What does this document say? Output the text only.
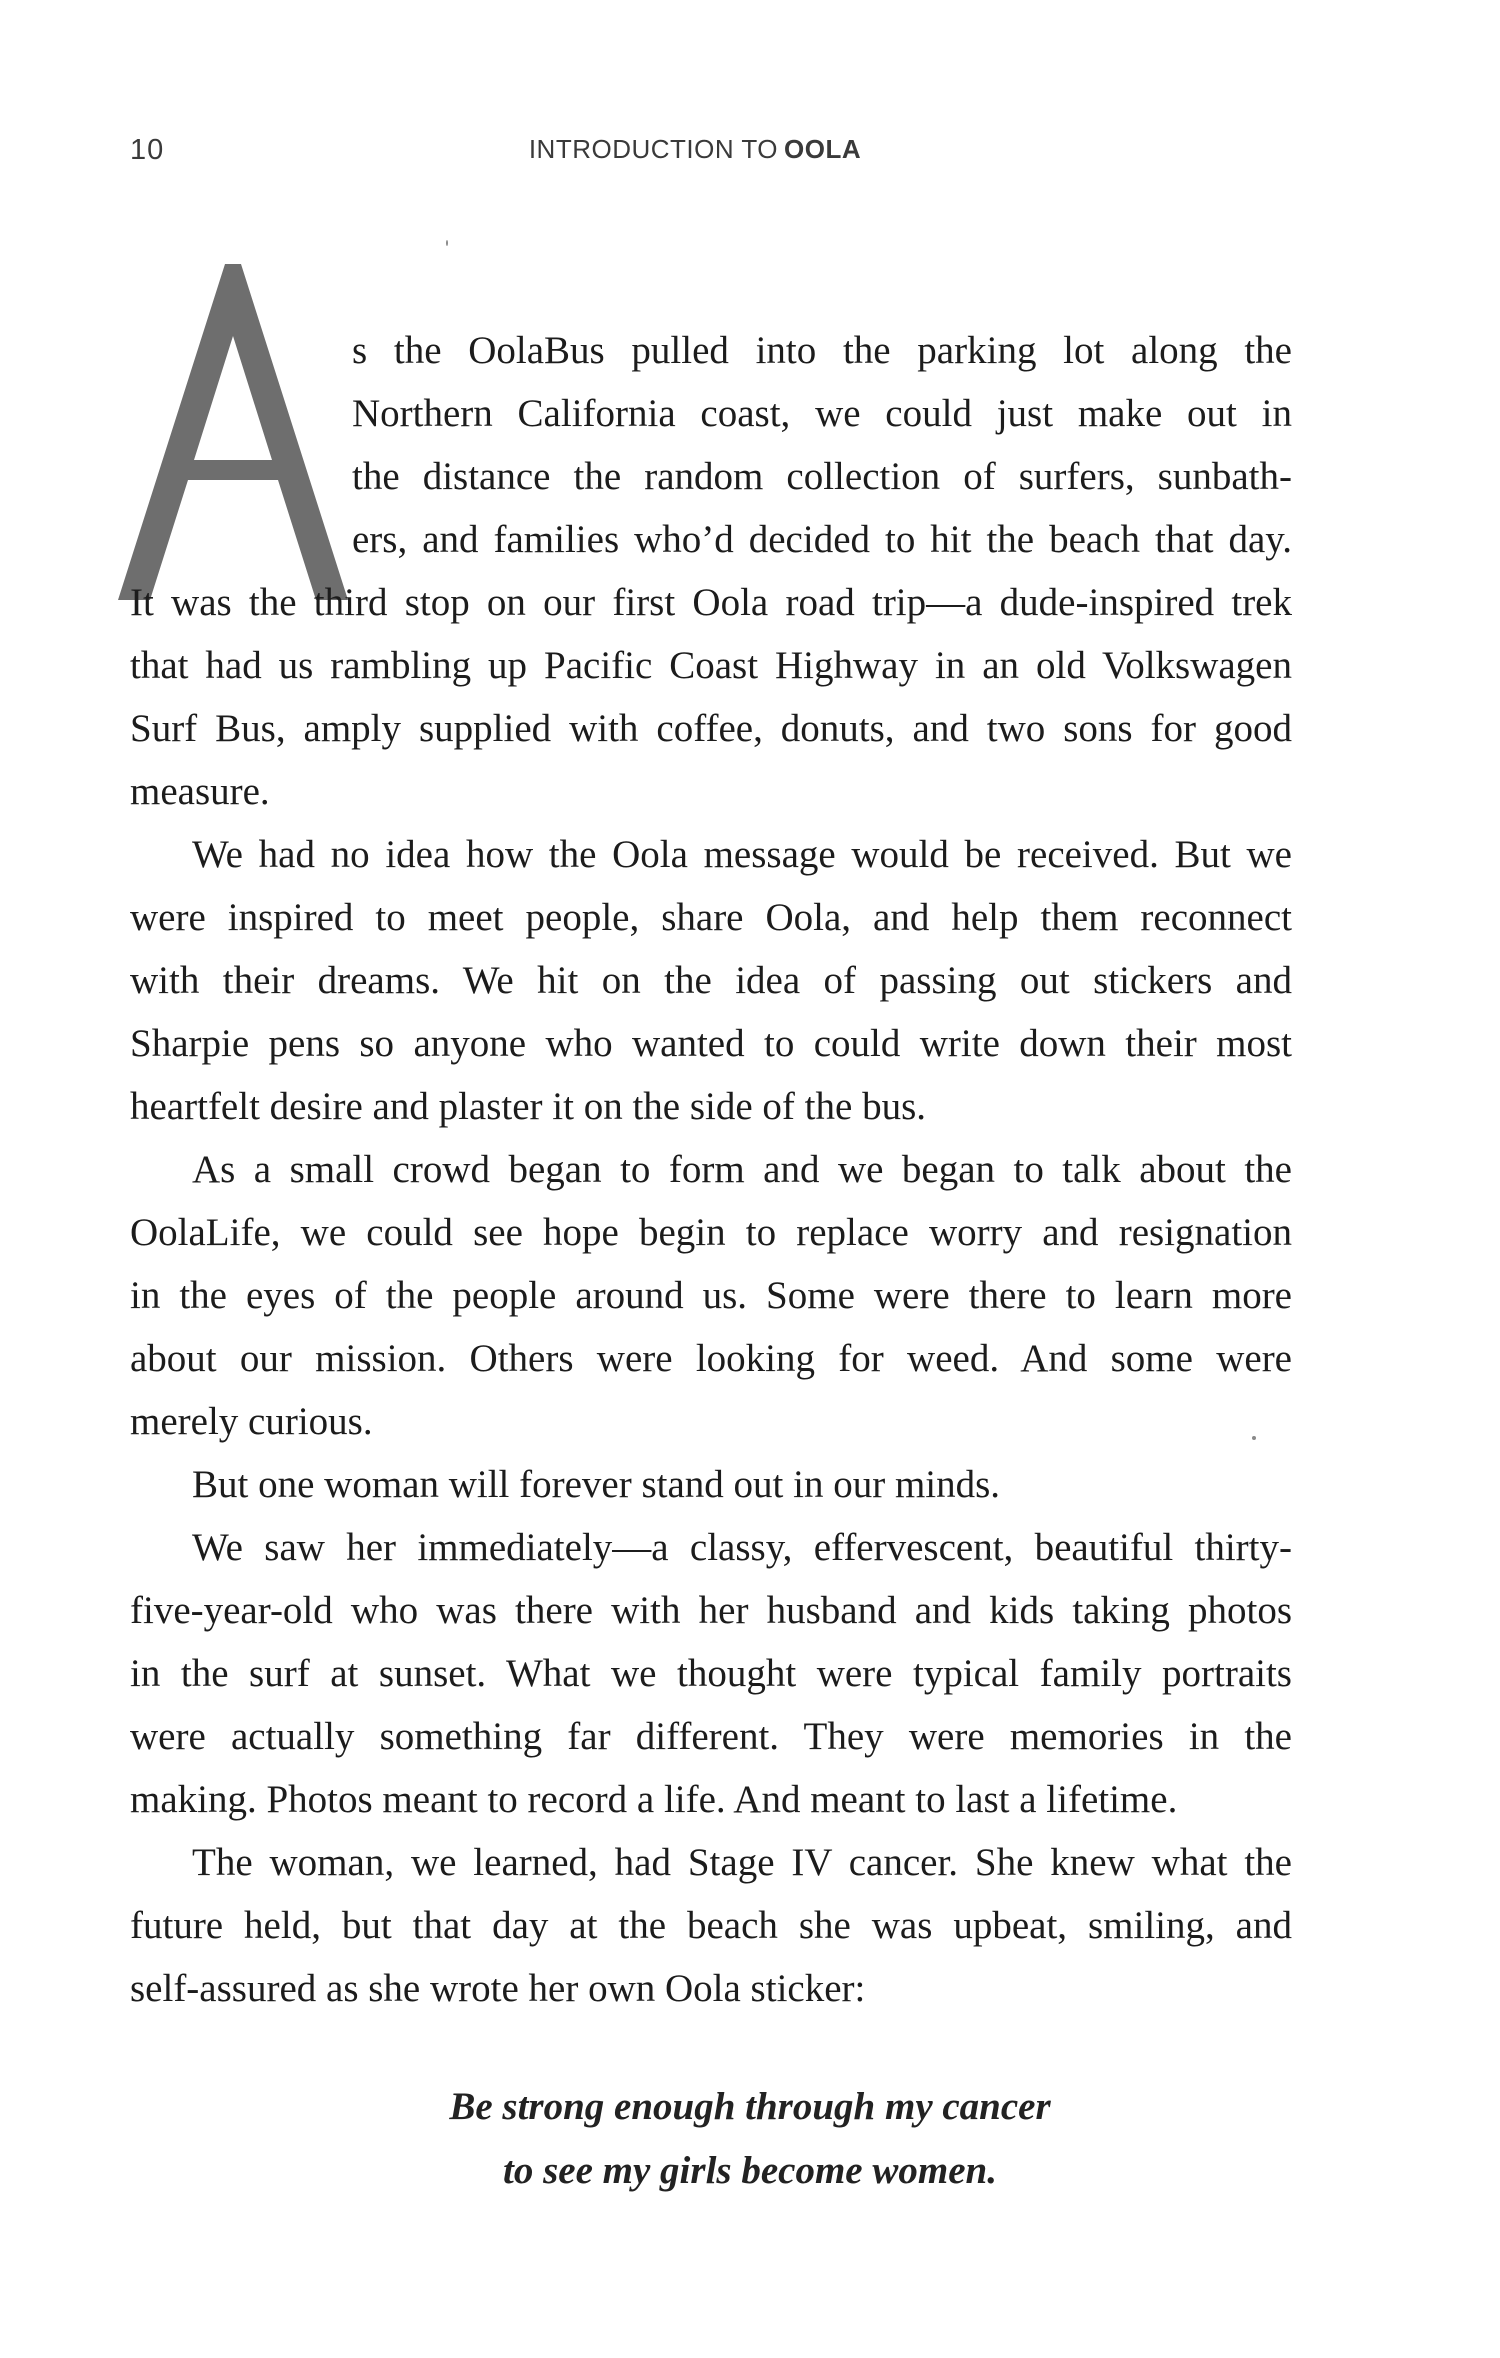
10	INTRODUCTION TO OOLA
s the OolaBus pulled into the parking lot along the
Northern California coast, we could just make out in
the distance the random collection of surfers, sunbath-
ers, and families who’d decided to hit the beach that day.
It was the third stop on our first Oola road trip—a dude-inspired trek
that had us rambling up Pacific Coast Highway in an old Volkswagen
Surf Bus, amply supplied with coffee, donuts, and two sons for good
measure.
We had no idea how the Oola message would be received. But we
were inspired to meet people, share Oola, and help them reconnect
with their dreams. We hit on the idea of passing out stickers and
Sharpie pens so anyone who wanted to could write down their most
heartfelt desire and plaster it on the side of the bus.
As a small crowd began to form and we began to talk about the
OolaLife, we could see hope begin to replace worry and resignation
in the eyes of the people around us. Some were there to learn more
about our mission. Others were looking for weed. And some were
merely curious.
But one woman will forever stand out in our minds.
We saw her immediately—a classy, effervescent, beautiful thirty-
five-year-old who was there with her husband and kids taking photos
in the surf at sunset. What we thought were typical family portraits
were actually something far different. They were memories in the
making. Photos meant to record a life. And meant to last a lifetime.
The woman, we learned, had Stage IV cancer. She knew what the
future held, but that day at the beach she was upbeat, smiling, and
self-assured as she wrote her own Oola sticker:
Be strong enough through my cancer
to see my girls become women.
